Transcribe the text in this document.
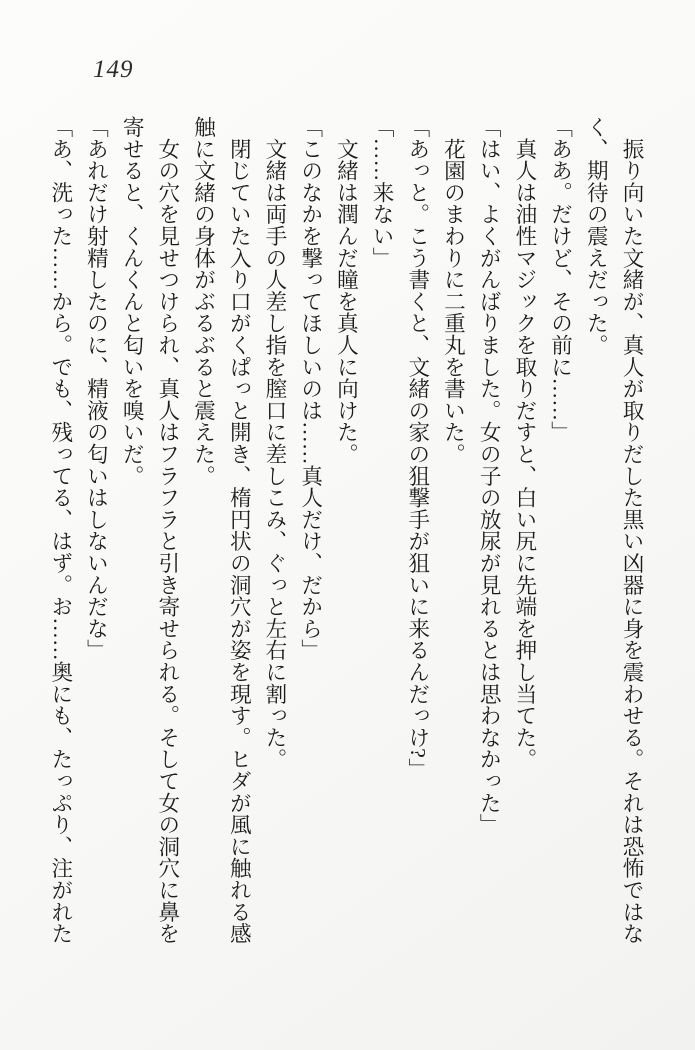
149
　振り向いた文緒が、真人が取りだした黒い凶器に身を震わせる。それは恐怖ではな
く、期待の震えだった。
「ああ。だけど、その前に……」
　真人は油性マジックを取りだすと、白い尻に先端を押し当てた。
「はい、よくがんばりました。女の子の放尿が見れるとは思わなかった」
　花園のまわりに二重丸を書いた。
「あっと。こう書くと、文緒の家の狙撃手が狙いに来るんだっけ?」
「……来ない」
　文緒は潤んだ瞳を真人に向けた。
「このなかを撃ってほしいのは……真人だけ、だから」
　文緒は両手の人差し指を膣口に差しこみ、ぐっと左右に割った。
　閉じていた入り口がくぱっと開き、楕円状の洞穴が姿を現す。ヒダが風に触れる感
触に文緒の身体がぶるぶると震えた。
　女の穴を見せつけられ、真人はフラフラと引き寄せられる。そして女の洞穴に鼻を
寄せると、くんくんと匂いを嗅いだ。
「あれだけ射精したのに、精液の匂いはしないんだな」
「あ、洗った……から。でも、残ってる、はず。お……奥にも、たっぷり、注がれた
